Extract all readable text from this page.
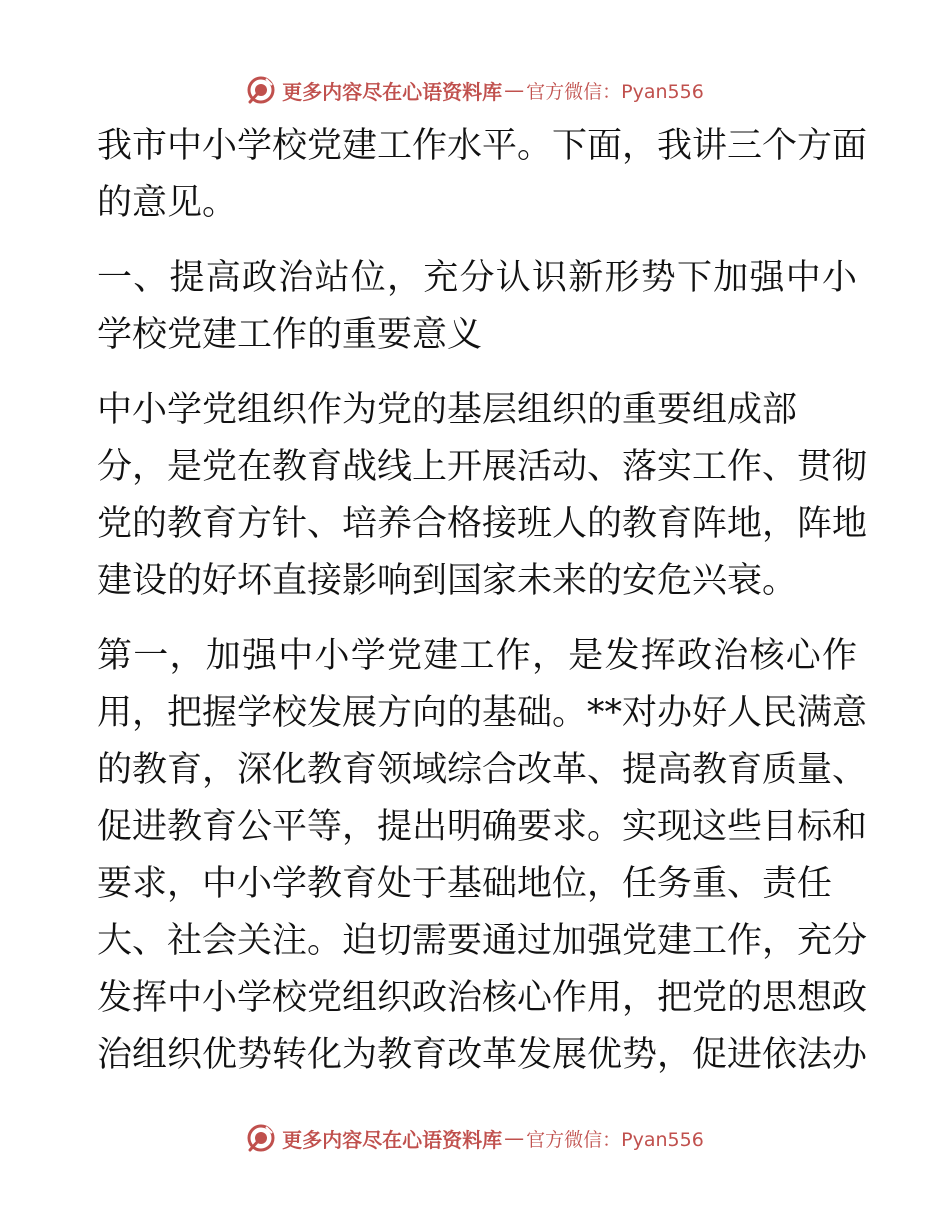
更多内容尽在心语资料库 — 官方微信：Pyan556
我市中小学校党建工作水平。下面，我讲三个方面
的意见。
一、提高政治站位，充分认识新形势下加强中小
学校党建工作的重要意义
中小学党组织作为党的基层组织的重要组成部
分，是党在教育战线上开展活动、落实工作、贯彻
党的教育方针、培养合格接班人的教育阵地，阵地
建设的好坏直接影响到国家未来的安危兴衰。
第一，加强中小学党建工作，是发挥政治核心作
用，把握学校发展方向的基础。**对办好人民满意
的教育，深化教育领域综合改革、提高教育质量、
促进教育公平等，提出明确要求。实现这些目标和
要求，中小学教育处于基础地位，任务重、责任
大、社会关注。迫切需要通过加强党建工作，充分
发挥中小学校党组织政治核心作用，把党的思想政
治组织优势转化为教育改革发展优势，促进依法办
更多内容尽在心语资料库 — 官方微信：Pyan556
